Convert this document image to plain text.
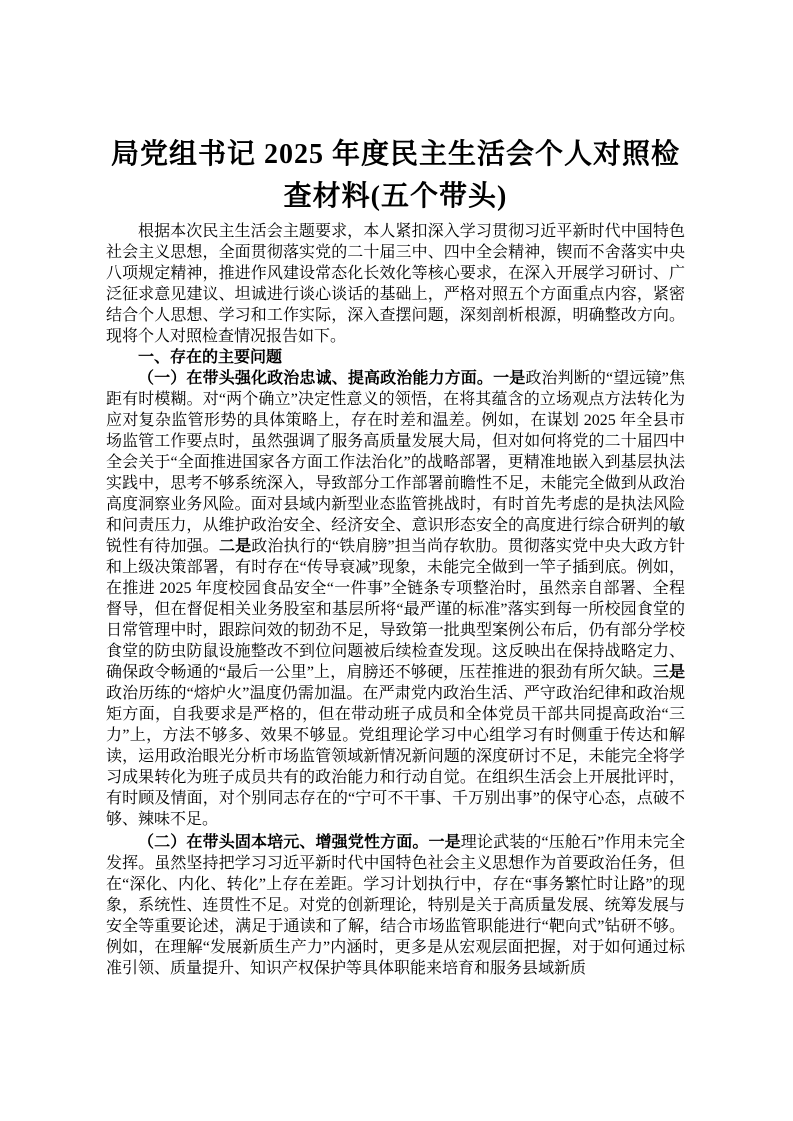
局党组书记 2025 年度民主生活会个人对照检查材料(五个带头)

根据本次民主生活会主题要求，本人紧扣深入学习贯彻习近平新时代中国特色社会主义思想，全面贯彻落实党的二十届三中、四中全会精神，锲而不舍落实中央八项规定精神，推进作风建设常态化长效化等核心要求，在深入开展学习研讨、广泛征求意见建议、坦诚进行谈心谈话的基础上，严格对照五个方面重点内容，紧密结合个人思想、学习和工作实际，深入查摆问题，深刻剖析根源，明确整改方向。现将个人对照检查情况报告如下。

一、存在的主要问题

（一）在带头强化政治忠诚、提高政治能力方面。一是政治判断的“望远镜”焦距有时模糊。对“两个确立”决定性意义的领悟，在将其蕴含的立场观点方法转化为应对复杂监管形势的具体策略上，存在时差和温差。例如，在谋划 2025 年全县市场监管工作要点时，虽然强调了服务高质量发展大局，但对如何将党的二十届四中全会关于“全面推进国家各方面工作法治化”的战略部署，更精准地嵌入到基层执法实践中，思考不够系统深入，导致部分工作部署前瞻性不足，未能完全做到从政治高度洞察业务风险。面对县域内新型业态监管挑战时，有时首先考虑的是执法风险和问责压力，从维护政治安全、经济安全、意识形态安全的高度进行综合研判的敏锐性有待加强。二是政治执行的“铁肩膀”担当尚存软肋。贯彻落实党中央大政方针和上级决策部署，有时存在“传导衰减”现象，未能完全做到一竿子插到底。例如，在推进 2025 年度校园食品安全“一件事”全链条专项整治时，虽然亲自部署、全程督导，但在督促相关业务股室和基层所将“最严谨的标准”落实到每一所校园食堂的日常管理中时，跟踪问效的韧劲不足，导致第一批典型案例公布后，仍有部分学校食堂的防虫防鼠设施整改不到位问题被后续检查发现。这反映出在保持战略定力、确保政令畅通的“最后一公里”上，肩膀还不够硬，压茬推进的狠劲有所欠缺。三是政治历练的“熔炉火”温度仍需加温。在严肃党内政治生活、严守政治纪律和政治规矩方面，自我要求是严格的，但在带动班子成员和全体党员干部共同提高政治“三力”上，方法不够多、效果不够显。党组理论学习中心组学习有时侧重于传达和解读，运用政治眼光分析市场监管领域新情况新问题的深度研讨不足，未能完全将学习成果转化为班子成员共有的政治能力和行动自觉。在组织生活会上开展批评时，有时顾及情面，对个别同志存在的“宁可不干事、千万别出事”的保守心态，点破不够、辣味不足。

（二）在带头固本培元、增强党性方面。一是理论武装的“压舱石”作用未完全发挥。虽然坚持把学习习近平新时代中国特色社会主义思想作为首要政治任务，但在“深化、内化、转化”上存在差距。学习计划执行中，存在“事务繁忙时让路”的现象，系统性、连贯性不足。对党的创新理论，特别是关于高质量发展、统筹发展与安全等重要论述，满足于通读和了解，结合市场监管职能进行“靶向式”钻研不够。例如，在理解“发展新质生产力”内涵时，更多是从宏观层面把握，对于如何通过标准引领、质量提升、知识产权保护等具体职能来培育和服务县域新质
